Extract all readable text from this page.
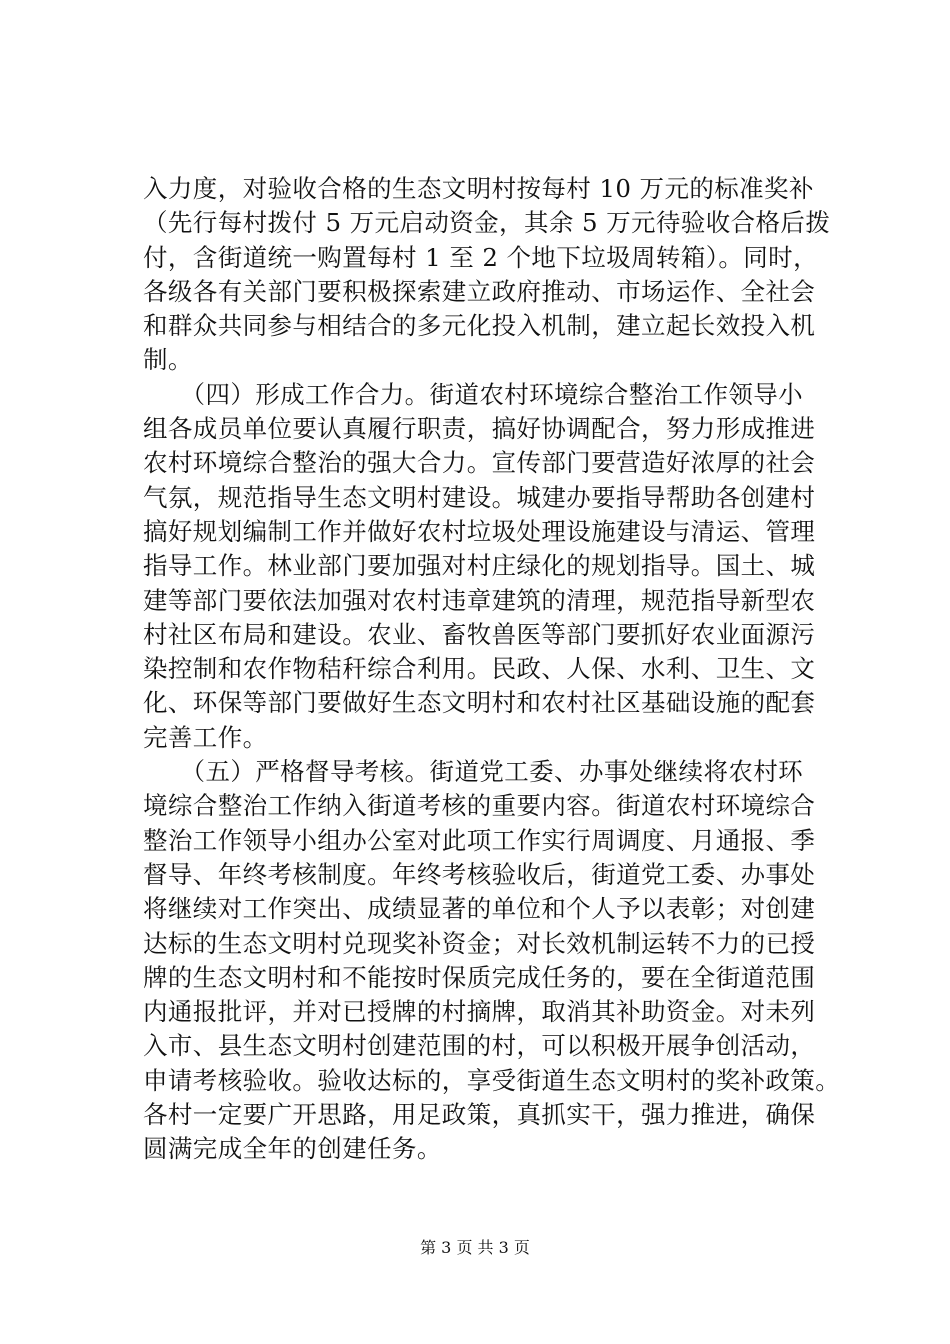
入力度，对验收合格的生态文明村按每村 10 万元的标准奖补
（先行每村拨付 5 万元启动资金，其余 5 万元待验收合格后拨
付，含街道统一购置每村 1 至 2 个地下垃圾周转箱）。同时，
各级各有关部门要积极探索建立政府推动、市场运作、全社会
和群众共同参与相结合的多元化投入机制，建立起长效投入机
制。
　　（四）形成工作合力。街道农村环境综合整治工作领导小
组各成员单位要认真履行职责，搞好协调配合，努力形成推进
农村环境综合整治的强大合力。宣传部门要营造好浓厚的社会
气氛，规范指导生态文明村建设。城建办要指导帮助各创建村
搞好规划编制工作并做好农村垃圾处理设施建设与清运、管理
指导工作。林业部门要加强对村庄绿化的规划指导。国土、城
建等部门要依法加强对农村违章建筑的清理，规范指导新型农
村社区布局和建设。农业、畜牧兽医等部门要抓好农业面源污
染控制和农作物秸秆综合利用。民政、人保、水利、卫生、文
化、环保等部门要做好生态文明村和农村社区基础设施的配套
完善工作。
　　（五）严格督导考核。街道党工委、办事处继续将农村环
境综合整治工作纳入街道考核的重要内容。街道农村环境综合
整治工作领导小组办公室对此项工作实行周调度、月通报、季
督导、年终考核制度。年终考核验收后，街道党工委、办事处
将继续对工作突出、成绩显著的单位和个人予以表彰；对创建
达标的生态文明村兑现奖补资金；对长效机制运转不力的已授
牌的生态文明村和不能按时保质完成任务的，要在全街道范围
内通报批评，并对已授牌的村摘牌，取消其补助资金。对未列
入市、县生态文明村创建范围的村，可以积极开展争创活动，
申请考核验收。验收达标的，享受街道生态文明村的奖补政策。
各村一定要广开思路，用足政策，真抓实干，强力推进，确保
圆满完成全年的创建任务。
第 3 页 共 3 页
